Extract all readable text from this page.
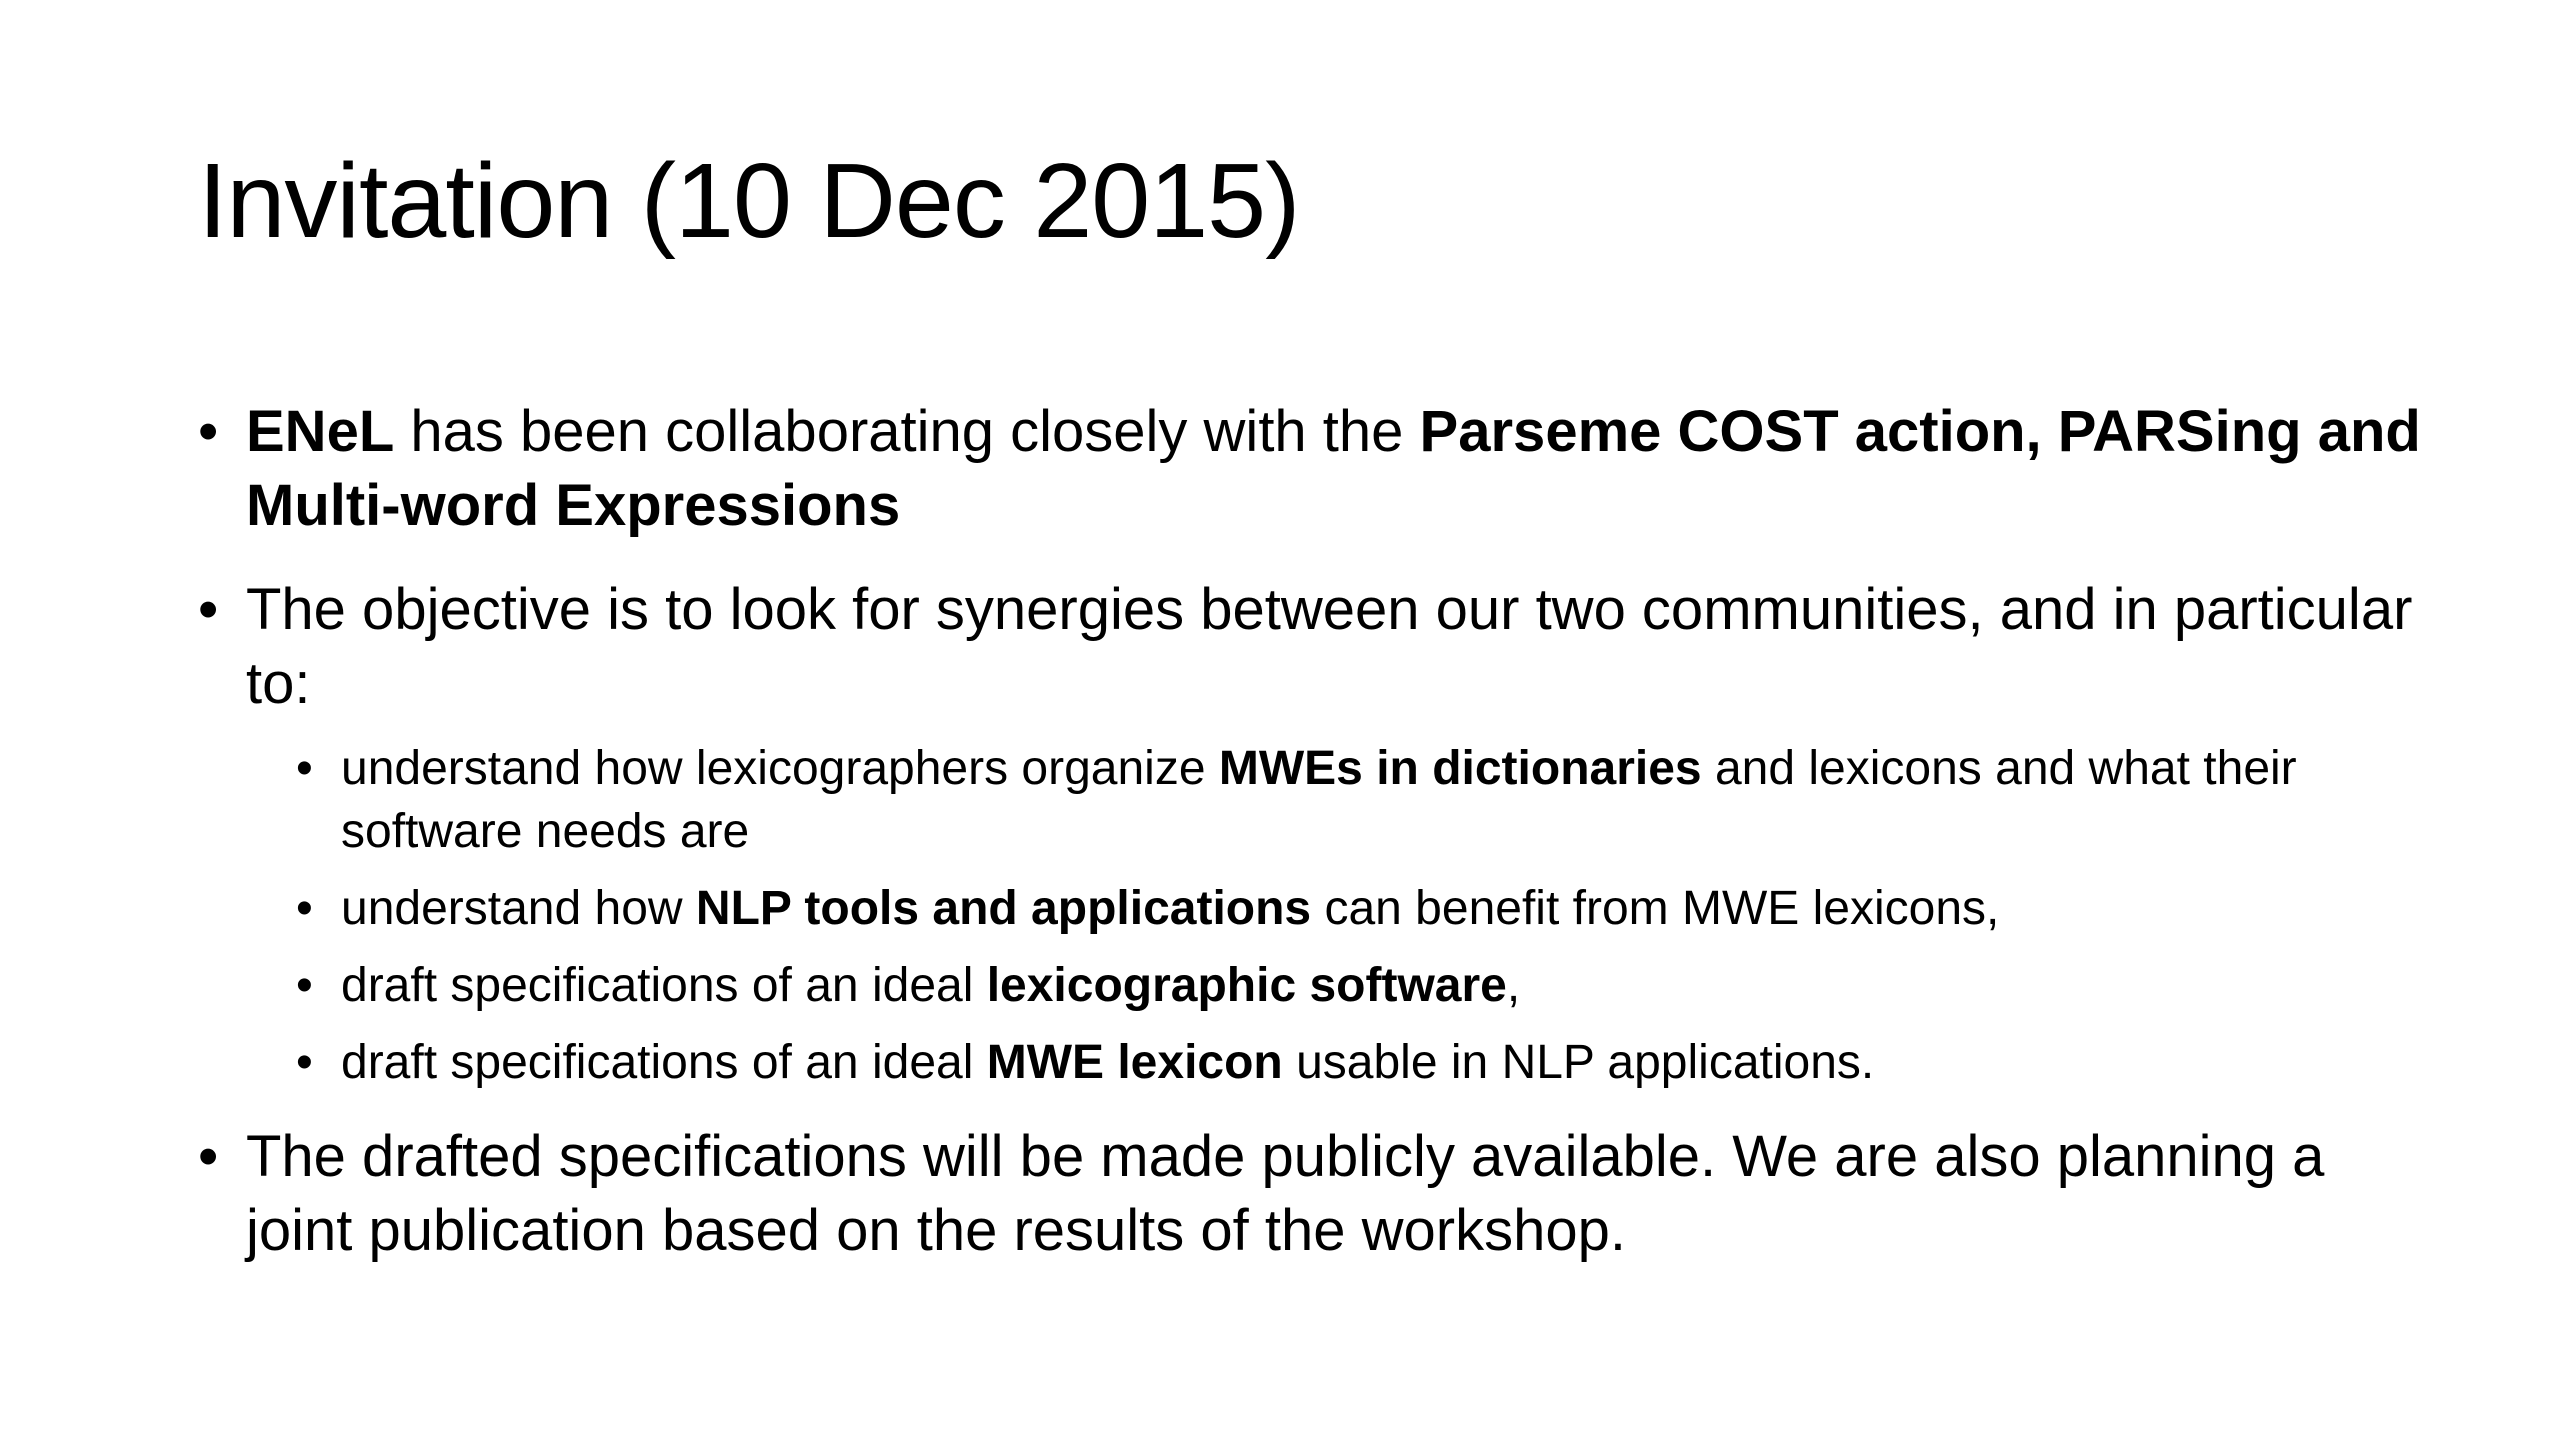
Invitation (10 Dec 2015)
• ENeL has been collaborating closely with the Parseme COST action, PARSing and Multi-word Expressions
• The objective is to look for synergies between our two communities, and in particular to:
• understand how lexicographers organize MWEs in dictionaries and lexicons and what their software needs are
• understand how NLP tools and applications can benefit from MWE lexicons,
• draft specifications of an ideal lexicographic software,
• draft specifications of an ideal MWE lexicon usable in NLP applications.
• The drafted specifications will be made publicly available. We are also planning a joint publication based on the results of the workshop.
